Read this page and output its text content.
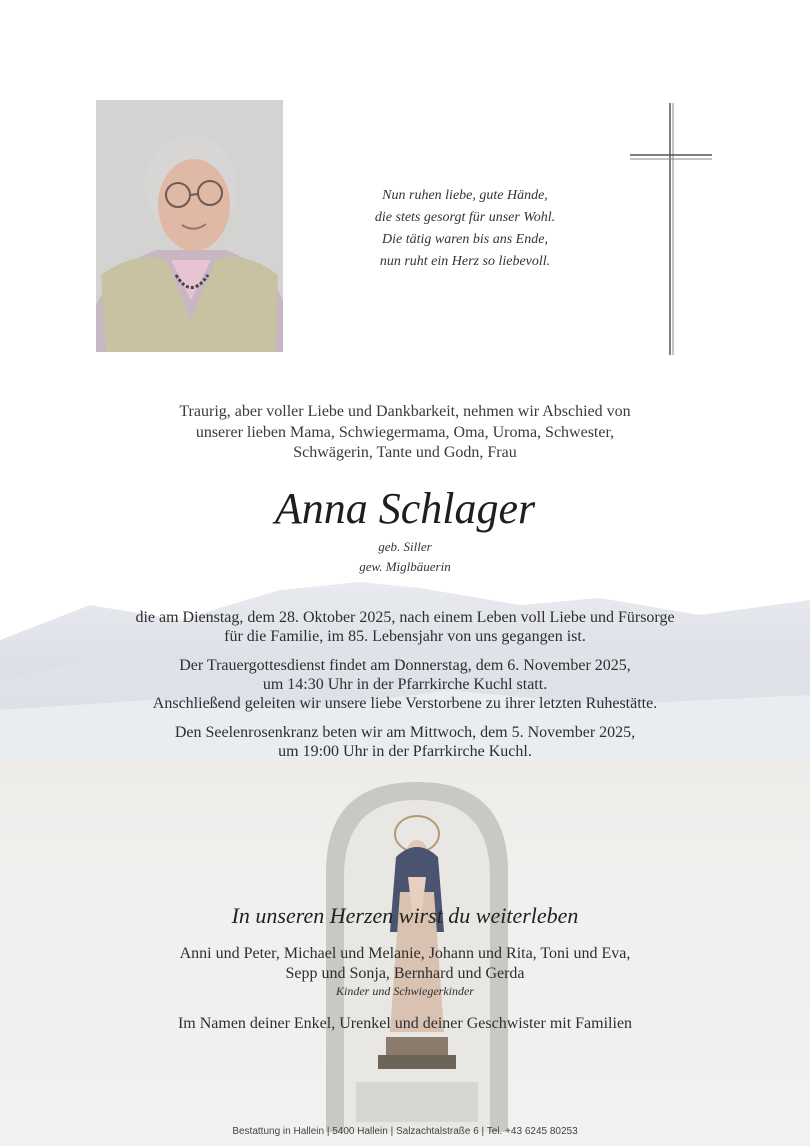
Nun ruhen liebe, gute Hände,
die stets gesorgt für unser Wohl.
Die tätig waren bis ans Ende,
nun ruht ein Herz so liebevoll.
Traurig, aber voller Liebe und Dankbarkeit, nehmen wir Abschied von
unserer lieben Mama, Schwiegermama, Oma, Uroma, Schwester,
Schwägerin, Tante und Godn, Frau
Anna Schlager
geb. Siller
gew. Miglbäuerin

die am Dienstag, dem 28. Oktober 2025, nach einem Leben voll Liebe und Fürsorge
für die Familie, im 85. Lebensjahr von uns gegangen ist.

Der Trauergottesdienst findet am Donnerstag, dem 6. November 2025,
um 14:30 Uhr in der Pfarrkirche Kuchl statt.
Anschließend geleiten wir unsere liebe Verstorbene zu ihrer letzten Ruhestätte.

Den Seelenrosenkranz beten wir am Mittwoch, dem 5. November 2025,
um 19:00 Uhr in der Pfarrkirche Kuchl.

In unseren Herzen wirst du weiterleben
Anni und Peter, Michael und Melanie, Johann und Rita, Toni und Eva,
Sepp und Sonja, Bernhard und Gerda
Kinder und Schwiegerkinder
Im Namen deiner Enkel, Urenkel und deiner Geschwister mit Familien
Bestattung in Hallein | 5400 Hallein | Salzachtalstraße 6 | Tel. +43 6245 80253
